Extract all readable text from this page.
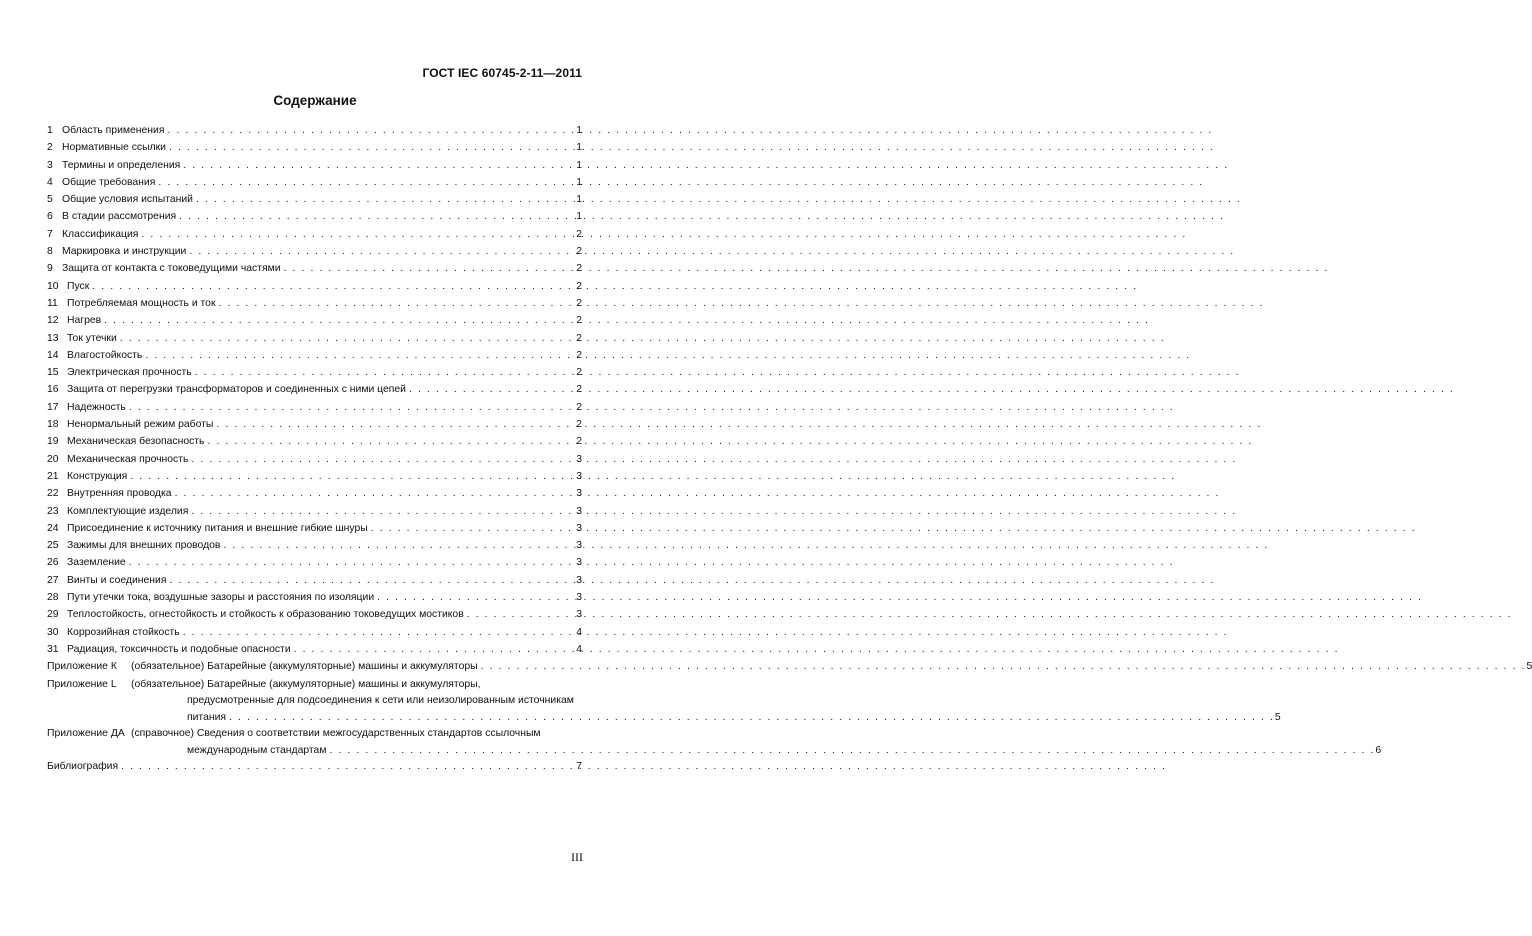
ГОСТ IEC 60745-2-11—2011
Содержание
1 Область применения . . .	1
2 Нормативные ссылки . . .	1
3 Термины и определения . . .	1
4 Общие требования . . .	1
5 Общие условия испытаний . . .	1
6 В стадии рассмотрения . . .	1
7 Классификация . . .	2
8 Маркировка и инструкции . . .	2
9 Защита от контакта с токоведущими частями . . .	2
10 Пуск . . .	2
11 Потребляемая мощность и ток . . .	2
12 Нагрев . . .	2
13 Ток утечки . . .	2
14 Влагостойкость . . .	2
15 Электрическая прочность . . .	2
16 Защита от перегрузки трансформаторов и соединенных с ними цепей . . .	2
17 Надежность . . .	2
18 Ненормальный режим работы . . .	2
19 Механическая безопасность . . .	2
20 Механическая прочность . . .	3
21 Конструкция . . .	3
22 Внутренняя проводка . . .	3
23 Комплектующие изделия . . .	3
24 Присоединение к источнику питания и внешние гибкие шнуры . . .	3
25 Зажимы для внешних проводов . . .	3
26 Заземление . . .	3
27 Винты и соединения . . .	3
28 Пути утечки тока, воздушные зазоры и расстояния по изоляции . . .	3
29 Теплостойкость, огнестойкость и стойкость к образованию токоведущих мостиков . . .	3
30 Коррозийная стойкость . . .	4
31 Радиация, токсичность и подобные опасности . . .	4
Приложение К	(обязательное) Батарейные (аккумуляторные) машины и аккумуляторы . . .	5
Приложение L	(обязательное) Батарейные (аккумуляторные) машины и аккумуляторы,
предусмотренные для подсоединения к сети или неизолированным источникам
питания . . .	5
Приложение ДА (справочное) Сведения о соответствии межгосударственных стандартов ссылочным
международным стандартам . . .	6
Библиография . . .	7
III
